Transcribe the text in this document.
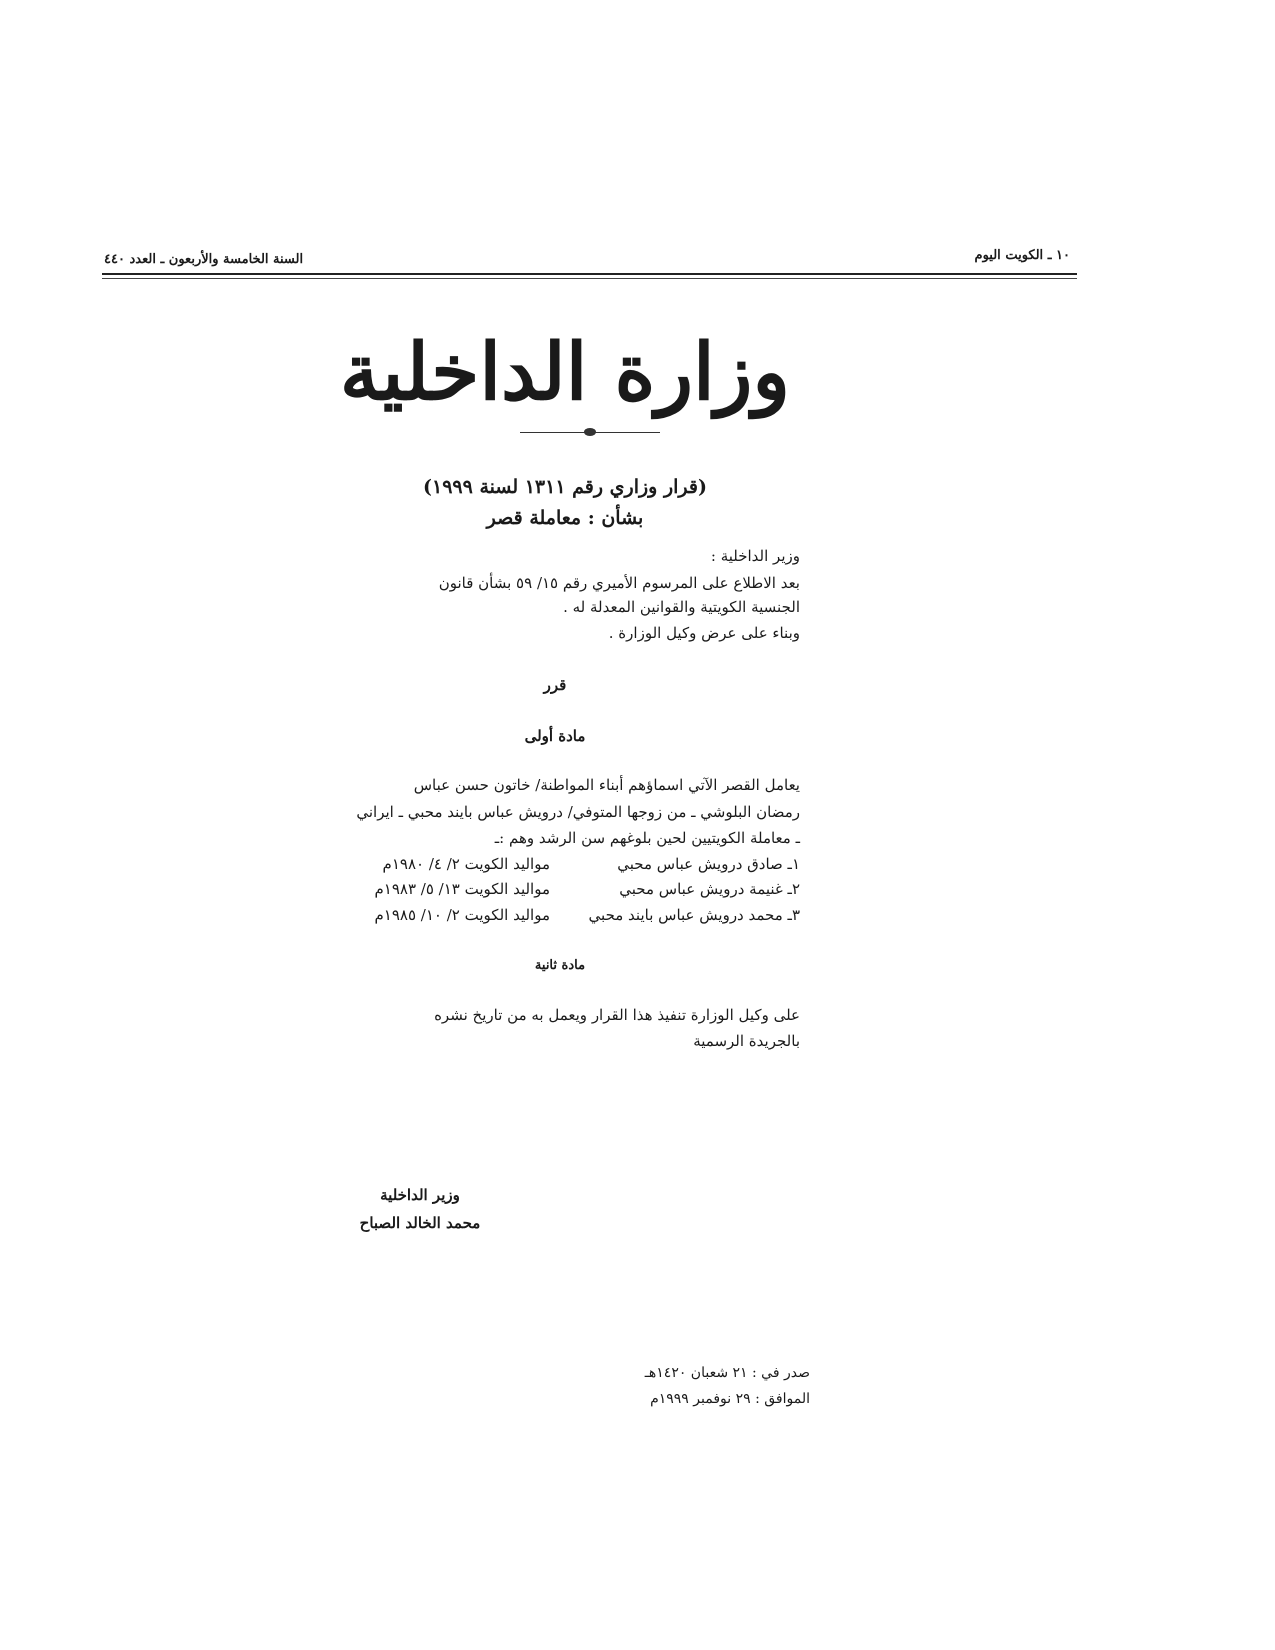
السنة الخامسة والأربعون ـ العدد ٤٤٠	١٠ ـ الكويت اليوم
وزارة الداخلية
(قرار وزاري رقم ١٣١١ لسنة ١٩٩٩)
بشأن : معاملة قصر
وزير الداخلية :
بعد الاطلاع على المرسوم الأميري رقم ١٥/ ٥٩ بشأن قانون
الجنسية الكويتية والقوانين المعدلة له .
وبناء على عرض وكيل الوزارة .
قرر
مادة أولى
يعامل القصر الآتي اسماؤهم أبناء المواطنة/ خاتون حسن عباس
رمضان البلوشي ـ من زوجها المتوفي/ درويش عباس بايند محبي ـ ايراني
ـ معاملة الكويتيين لحين بلوغهم سن الرشد وهم :ـ
١ـ صادق درويش عباس محبي
مواليد الكويت ٢/ ٤/ ١٩٨٠م
٢ـ غنيمة درويش عباس محبي
مواليد الكويت ١٣/ ٥/ ١٩٨٣م
٣ـ محمد درويش عباس بايند محبي
مواليد الكويت ٢/ ١٠/ ١٩٨٥م
مادة ثانية
على وكيل الوزارة تنفيذ هذا القرار ويعمل به من تاريخ نشره
بالجريدة الرسمية
وزير الداخلية
محمد الخالد الصباح
صدر في : ٢١ شعبان ١٤٢٠هـ
الموافق : ٢٩ نوفمبر ١٩٩٩م
